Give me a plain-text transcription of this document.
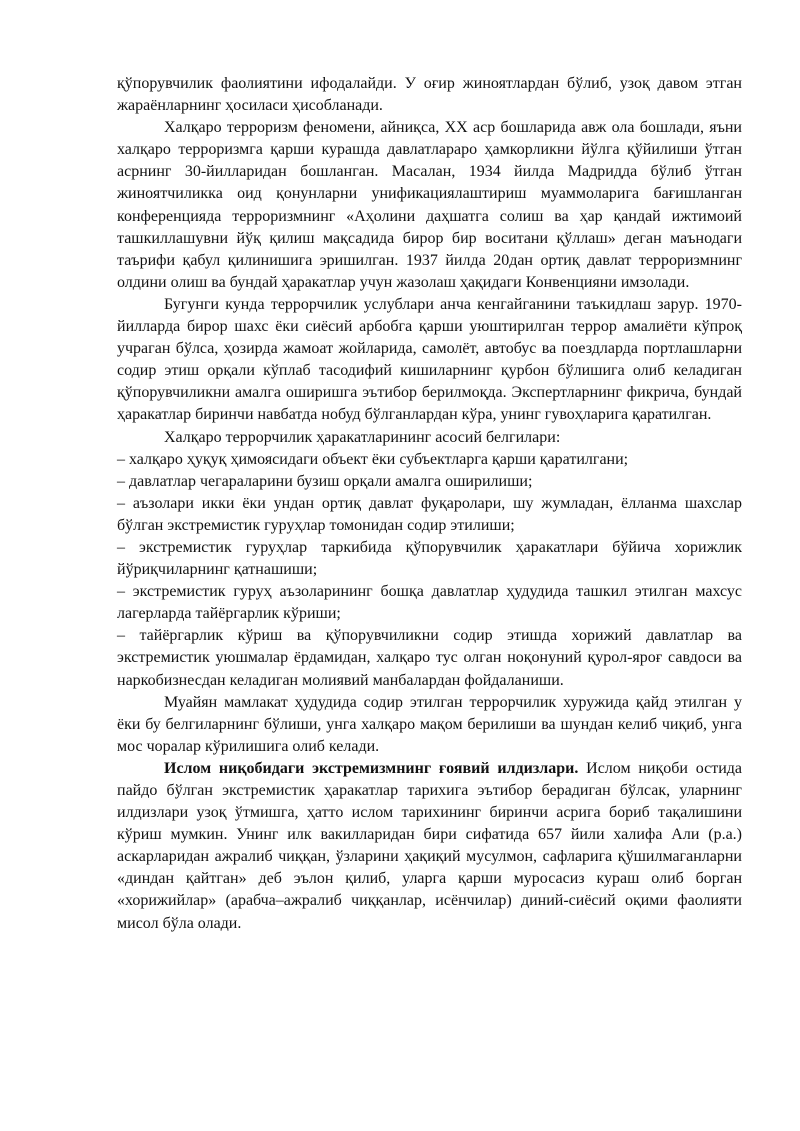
қўпорувчилик фаолиятини ифодалайди. У оғир жиноятлардан бўлиб, узоқ давом этган жараёнларнинг ҳосиласи ҳисобланади.

Халқаро терроризм феномени, айниқса, ХХ аср бошларида авж ола бошлади, яъни халқаро терроризмга қарши курашда давлатлараро ҳамкорликни йўлга қўйилиши ўтган асрнинг 30-йилларидан бошланган. Масалан, 1934 йилда Мадридда бўлиб ўтган жиноятчиликка оид қонунларни унификациялаштириш муаммоларига бағишланган конференцияда терроризмнинг «Аҳолини даҳшатга солиш ва ҳар қандай ижтимоий ташкиллашувни йўқ қилиш мақсадида бирор бир воситани қўллаш» деган маънодаги таърифи қабул қилинишига эришилган. 1937 йилда 20дан ортиқ давлат терроризмнинг олдини олиш ва бундай ҳаракатлар учун жазолаш ҳақидаги Конвенцияни имзолади.

Бугунги кунда террорчилик услублари анча кенгайганини таъкидлаш зарур. 1970-йилларда бирор шахс ёки сиёсий арбобга қарши уюштирилган террор амалиёти кўпроқ учраган бўлса, ҳозирда жамоат жойларида, самолёт, автобус ва поездларда портлашларни содир этиш орқали кўплаб тасодифий кишиларнинг қурбон бўлишига олиб келадиган қўпорувчиликни амалга оширишга эътибор берилмоқда. Экспертларнинг фикрича, бундай ҳаракатлар биринчи навбатда нобуд бўлганлардан кўра, унинг гувоҳларига қаратилган.

Халқаро террорчилик ҳаракатларининг асосий белгилари:

– халқаро ҳуқуқ ҳимоясидаги объект ёки субъектларга қарши қаратилгани;

– давлатлар чегараларини бузиш орқали амалга оширилиши;

– аъзолари икки ёки ундан ортиқ давлат фуқаролари, шу жумладан, ёлланма шахслар бўлган экстремистик гуруҳлар томонидан содир этилиши;

– экстремистик гуруҳлар таркибида қўпорувчилик ҳаракатлари бўйича хорижлик йўриқчиларнинг қатнашиши;

– экстремистик гуруҳ аъзоларининг бошқа давлатлар ҳудудида ташкил этилган махсус лагерларда тайёргарлик кўриши;

– тайёргарлик кўриш ва қўпорувчиликни содир этишда хорижий давлатлар ва экстремистик уюшмалар ёрдамидан, халқаро тус олган ноқонуний қурол-яроғ савдоси ва наркобизнесдан келадиган молиявий манбалардан фойдаланиши.

Муайян мамлакат ҳудудида содир этилган террорчилик хуружида қайд этилган у ёки бу белгиларнинг бўлиши, унга халқаро мақом берилиши ва шундан келиб чиқиб, унга мос чоралар кўрилишига олиб келади.

Ислом ниқобидаги экстремизмнинг ғоявий илдизлари. Ислом ниқоби остида пайдо бўлган экстремистик ҳаракатлар тарихига эътибор берадиган бўлсак, уларнинг илдизлари узоқ ўтмишга, ҳатто ислом тарихининг биринчи асрига бориб тақалишини кўриш мумкин. Унинг илк вакилларидан бири сифатида 657 йили халифа Али (р.а.) аскарларидан ажралиб чиққан, ўзларини ҳақиқий мусулмон, сафларига қўшилмаганларни «диндан қайтган» деб эълон қилиб, уларга қарши муросасиз кураш олиб борган «хорижийлар» (арабча–ажралиб чиққанлар, исёнчилар) диний-сиёсий оқими фаолияти мисол бўла олади.
